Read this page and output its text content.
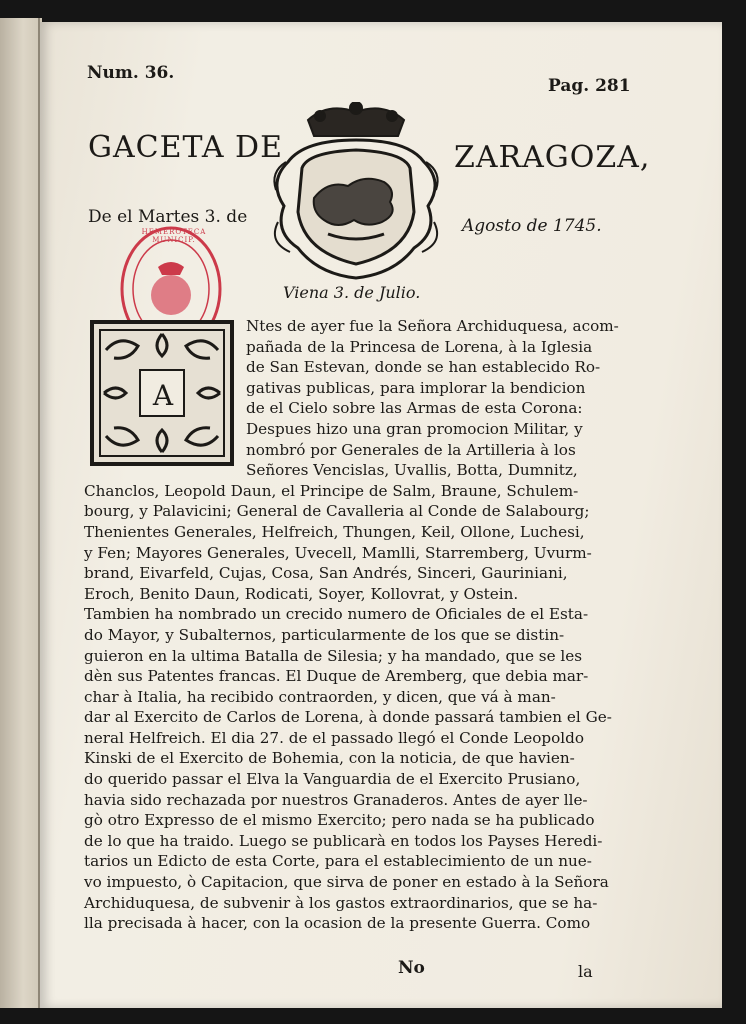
Num. 36.
Pag. 281
GACETA DE	ZARAGOZA,
De el Martes 3. de	Agosto de 1745.
HEMEROTECA MUNICIP.
Viena 3. de Julio.
A
Ntes de ayer fue la Señora Archiduquesa, acom-
pañada de la Princesa de Lorena, à la Iglesia
de San Estevan, donde se han establecido Ro-
gativas publicas, para implorar la bendicion
de el Cielo sobre las Armas de esta Corona:
Despues hizo una gran promocion Militar, y
nombró por Generales de la Artilleria à los
Señores Vencislas, Uvallis, Botta, Dumnitz,
Chanclos, Leopold Daun, el Principe de Salm, Braune, Schulem-
bourg, y Palavicini; General de Cavalleria al Conde de Salabourg;
Thenientes Generales, Helfreich, Thungen, Keil, Ollone, Luchesi,
y Fen; Mayores Generales, Uvecell, Mamlli, Starremberg, Uvurm-
brand, Eivarfeld, Cujas, Cosa, San Andrés, Sinceri, Gauriniani,
Eroch, Benito Daun, Rodicati, Soyer, Kollovrat, y Ostein.
Tambien ha nombrado un crecido numero de Oficiales de el Esta-
do Mayor, y Subalternos, particularmente de los que se distin-
guieron en la ultima Batalla de Silesia; y ha mandado, que se les
dèn sus Patentes francas. El Duque de Aremberg, que debia mar-
char à Italia, ha recibido contraorden, y dicen, que vá à man-
dar al Exercito de Carlos de Lorena, à donde passará tambien el Ge-
neral Helfreich. El dia 27. de el passado llegó el Conde Leopoldo
Kinski de el Exercito de Bohemia, con la noticia, de que havien-
do querido passar el Elva la Vanguardia de el Exercito Prusiano,
havia sido rechazada por nuestros Granaderos. Antes de ayer lle-
gò otro Expresso de el mismo Exercito; pero nada se ha publicado
de lo que ha traido. Luego se publicarà en todos los Payses Heredi-
tarios un Edicto de esta Corte, para el establecimiento de un nue-
vo impuesto, ò Capitacion, que sirva de poner en estado à la Señora
Archiduquesa, de subvenir à los gastos extraordinarios, que se ha-
lla precisada à hacer, con la ocasion de la presente Guerra. Como
No	la
